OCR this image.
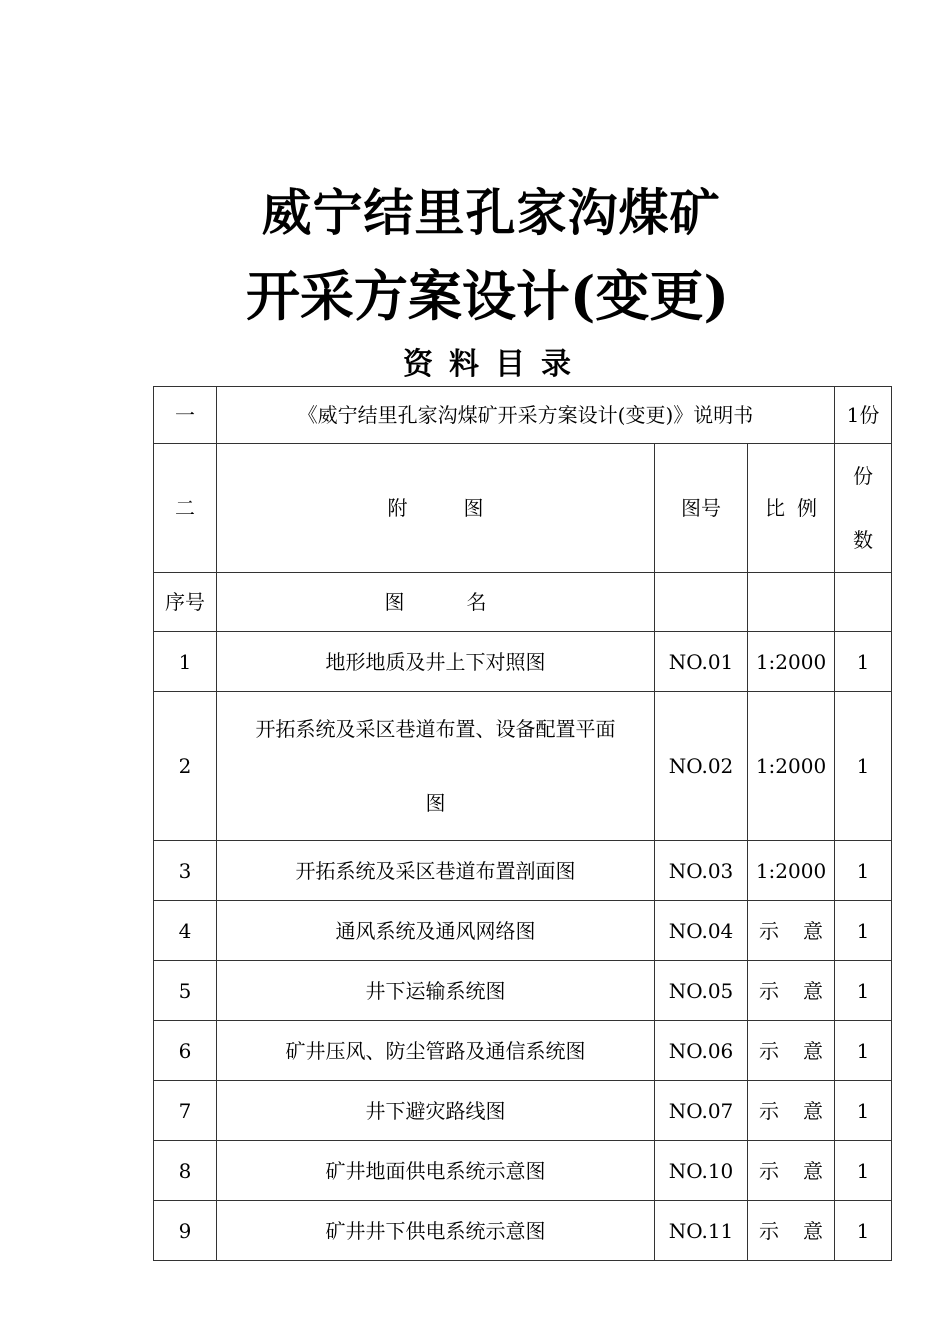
威宁结里孔家沟煤矿
开采方案设计(变更)
资料目录
一	《威宁结里孔家沟煤矿开采方案设计(变更)》说明书			1份
二	附 图	图号	比 例	份
数

序号	图 名			
1	地形地质及井上下对照图	NO.01	1:2000	1
2	开拓系统及采区巷道布置、设备配置平面
图	NO.02	1:2000	1
3	开拓系统及采区巷道布置剖面图	NO.03	1:2000	1
4	通风系统及通风网络图	NO.04	示 意	1
5	井下运输系统图	NO.05	示 意	1
6	矿井压风、防尘管路及通信系统图	NO.06	示 意	1
7	井下避灾路线图	NO.07	示 意	1
8	矿井地面供电系统示意图	NO.10	示 意	1
9	矿井井下供电系统示意图	NO.11	示 意	1
